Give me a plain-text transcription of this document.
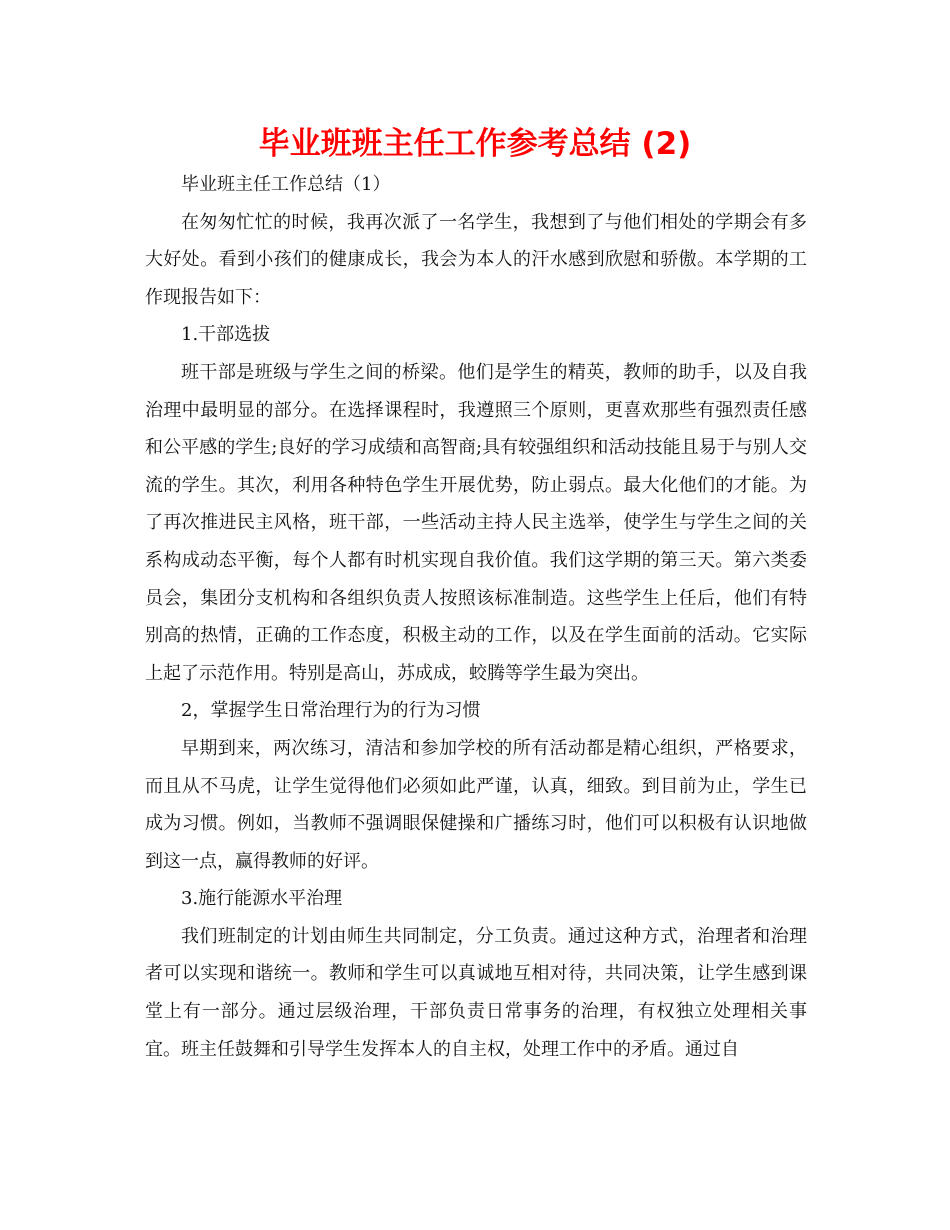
毕业班班主任工作参考总结 (2)

毕业班主任工作总结（1）

在匆匆忙忙的时候，我再次派了一名学生，我想到了与他们相处的学期会有多大好处。看到小孩们的健康成长，我会为本人的汗水感到欣慰和骄傲。本学期的工作现报告如下：

1.干部选拔

班干部是班级与学生之间的桥梁。他们是学生的精英，教师的助手，以及自我治理中最明显的部分。在选择课程时，我遵照三个原则，更喜欢那些有强烈责任感和公平感的学生;良好的学习成绩和高智商;具有较强组织和活动技能且易于与别人交流的学生。其次，利用各种特色学生开展优势，防止弱点。最大化他们的才能。为了再次推进民主风格，班干部，一些活动主持人民主选举，使学生与学生之间的关系构成动态平衡，每个人都有时机实现自我价值。我们这学期的第三天。第六类委员会，集团分支机构和各组织负责人按照该标准制造。这些学生上任后，他们有特别高的热情，正确的工作态度，积极主动的工作，以及在学生面前的活动。它实际上起了示范作用。特别是高山，苏成成，蛟腾等学生最为突出。

2，掌握学生日常治理行为的行为习惯

早期到来，两次练习，清洁和参加学校的所有活动都是精心组织，严格要求，而且从不马虎，让学生觉得他们必须如此严谨，认真，细致。到目前为止，学生已成为习惯。例如，当教师不强调眼保健操和广播练习时，他们可以积极有认识地做到这一点，赢得教师的好评。

3.施行能源水平治理

我们班制定的计划由师生共同制定，分工负责。通过这种方式，治理者和治理者可以实现和谐统一。教师和学生可以真诚地互相对待，共同决策，让学生感到课堂上有一部分。通过层级治理，干部负责日常事务的治理，有权独立处理相关事宜。班主任鼓舞和引导学生发挥本人的自主权，处理工作中的矛盾。通过自
